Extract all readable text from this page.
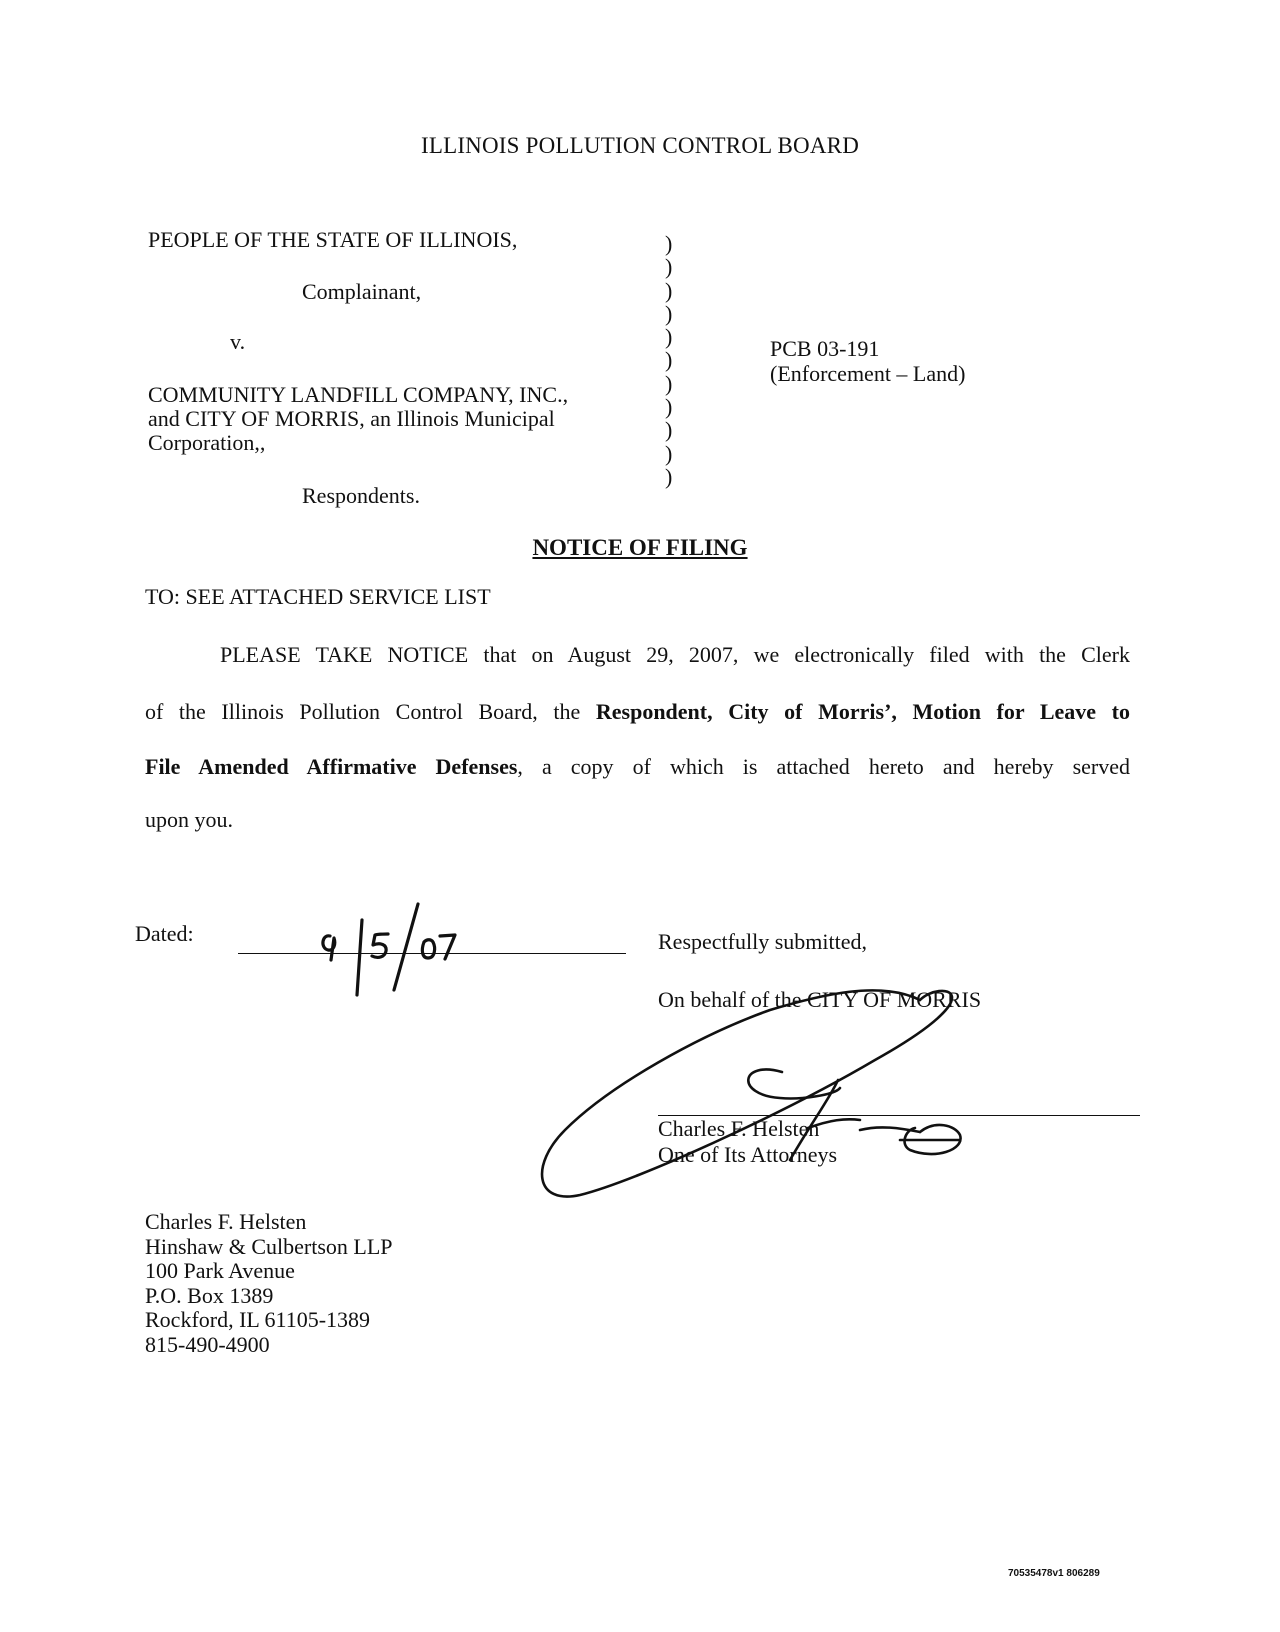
ILLINOIS POLLUTION CONTROL BOARD
PEOPLE OF THE STATE OF ILLINOIS,
Complainant,
v.
COMMUNITY LANDFILL COMPANY, INC.,
and CITY OF MORRIS, an Illinois Municipal
Corporation,,
Respondents.
)
)
)
)
)
)
)
)
)
)
)
PCB 03-191
(Enforcement – Land)
NOTICE OF FILING
TO: SEE ATTACHED SERVICE LIST
PLEASE TAKE NOTICE that on August 29, 2007, we electronically filed with the Clerk
of the Illinois Pollution Control Board, the Respondent, City of Morris’, Motion for Leave to
File Amended Affirmative Defenses, a copy of which is attached hereto and hereby served
upon you.
Dated:	Respectfully submitted,
On behalf of the CITY OF MORRIS
Charles F. Helsten
One of Its Attorneys
Charles F. Helsten
Hinshaw & Culbertson LLP
100 Park Avenue
P.O. Box 1389
Rockford, IL 61105-1389
815-490-4900
70535478v1 806289
